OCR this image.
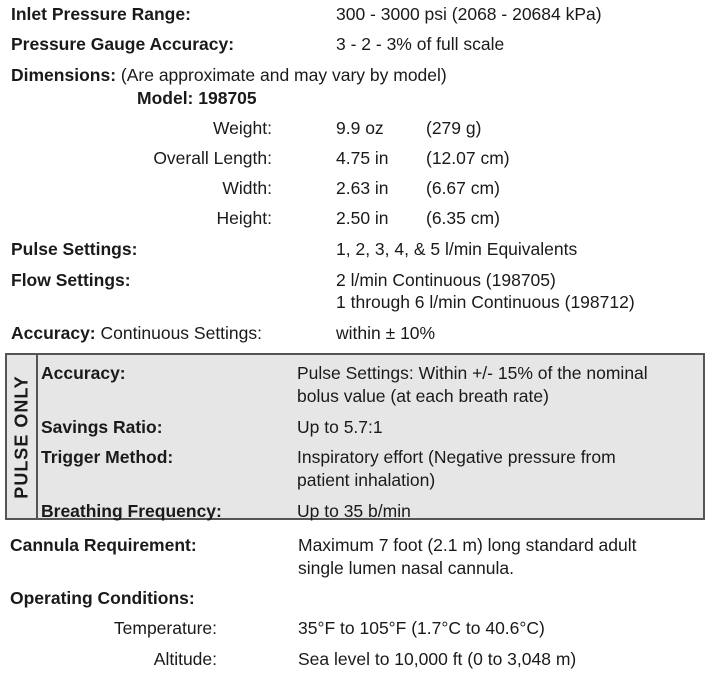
Inlet Pressure Range:	300 - 3000 psi (2068 - 20684 kPa)
Pressure Gauge Accuracy:	3 - 2 - 3% of full scale
Dimensions: (Are approximate and may vary by model)
Model: 198705
Weight:	9.9 oz (279 g)
Overall Length:	4.75 in (12.07 cm)
Width:	2.63 in (6.67 cm)
Height:	2.50 in (6.35 cm)
Pulse Settings:	1, 2, 3, 4, & 5 l/min Equivalents
Flow Settings:	2 l/min Continuous (198705)
1 through 6 l/min Continuous (198712)
Accuracy: Continuous Settings:	within ± 10%
PULSE ONLY
Accuracy:	Pulse Settings: Within +/- 15% of the nominal
bolus value (at each breath rate)
Savings Ratio:	Up to 5.7:1
Trigger Method:	Inspiratory effort (Negative pressure from
patient inhalation)
Breathing Frequency:	Up to 35 b/min
Cannula Requirement:	Maximum 7 foot (2.1 m) long standard adult
single lumen nasal cannula.
Operating Conditions:
Temperature:	35°F to 105°F (1.7°C to 40.6°C)
Altitude:	Sea level to 10,000 ft (0 to 3,048 m)
